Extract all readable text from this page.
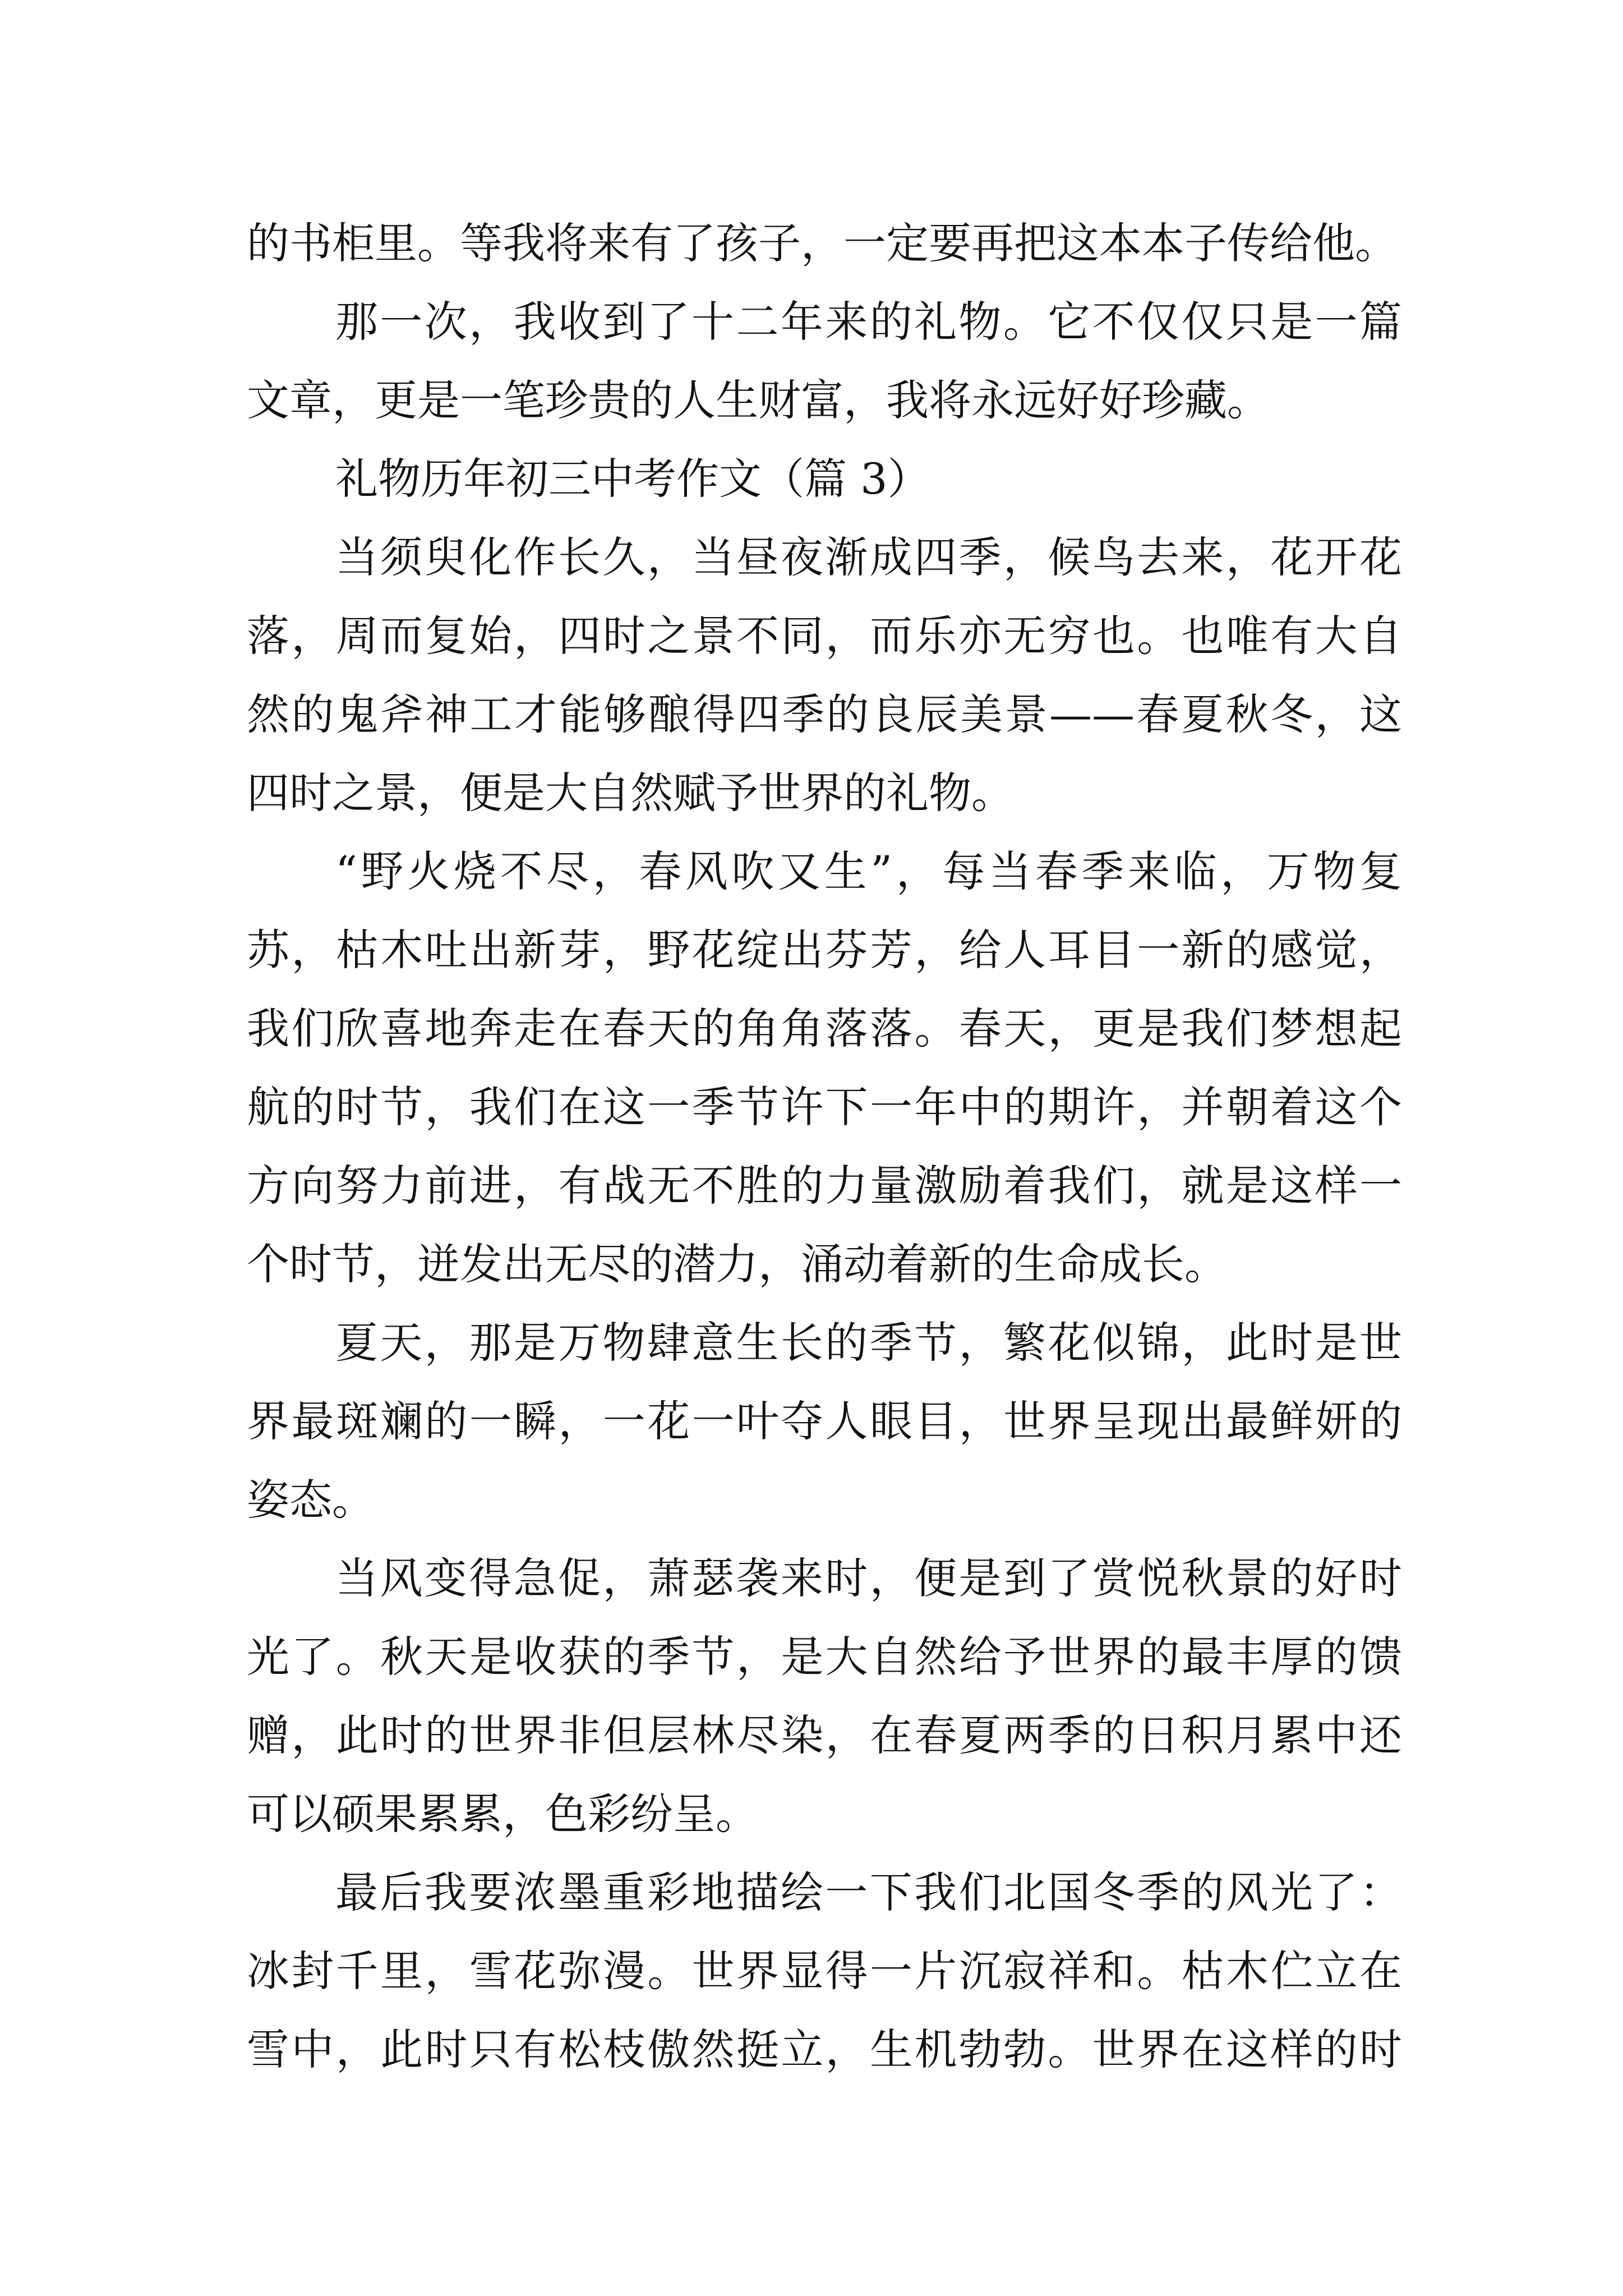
的书柜里。等我将来有了孩子，一定要再把这本本子传给他。
那一次，我收到了十二年来的礼物。它不仅仅只是一篇
文章，更是一笔珍贵的人生财富，我将永远好好珍藏。
礼物历年初三中考作文（篇 3）
当须臾化作长久，当昼夜渐成四季，候鸟去来，花开花
落，周而复始，四时之景不同，而乐亦无穷也。也唯有大自
然的鬼斧神工才能够酿得四季的良辰美景——春夏秋冬，这
四时之景，便是大自然赋予世界的礼物。
“野火烧不尽，春风吹又生”，每当春季来临，万物复
苏，枯木吐出新芽，野花绽出芬芳，给人耳目一新的感觉，
我们欣喜地奔走在春天的角角落落。春天，更是我们梦想起
航的时节，我们在这一季节许下一年中的期许，并朝着这个
方向努力前进，有战无不胜的力量激励着我们，就是这样一
个时节，迸发出无尽的潜力，涌动着新的生命成长。
夏天，那是万物肆意生长的季节，繁花似锦，此时是世
界最斑斓的一瞬，一花一叶夺人眼目，世界呈现出最鲜妍的
姿态。
当风变得急促，萧瑟袭来时，便是到了赏悦秋景的好时
光了。秋天是收获的季节，是大自然给予世界的最丰厚的馈
赠，此时的世界非但层林尽染，在春夏两季的日积月累中还
可以硕果累累，色彩纷呈。
最后我要浓墨重彩地描绘一下我们北国冬季的风光了：
冰封千里，雪花弥漫。世界显得一片沉寂祥和。枯木伫立在
雪中，此时只有松枝傲然挺立，生机勃勃。世界在这样的时
